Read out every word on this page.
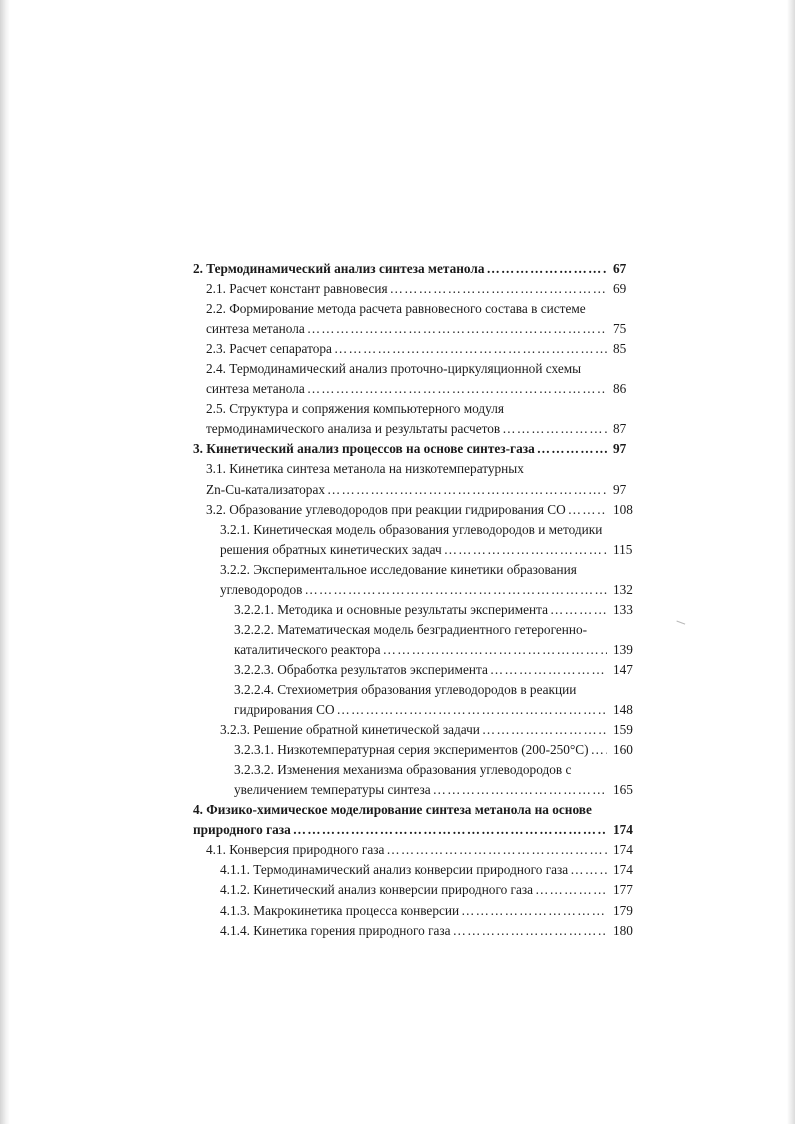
2. Термодинамический анализ синтеза метанола ……………………………………………………………………………………………………………………………………………………	67
2.1. Расчет констант равновесия ……………………………………………………………………………………………………………………………………………………	69
2.2. Формирование метода расчета равновесного состава в системе
синтеза метанола ……………………………………………………………………………………………………………………………………………………	75
2.3. Расчет сепаратора ……………………………………………………………………………………………………………………………………………………	85
2.4. Термодинамический анализ проточно-циркуляционной схемы
синтеза метанола ……………………………………………………………………………………………………………………………………………………	86
2.5. Структура и сопряжения компьютерного модуля
термодинамического анализа и результаты расчетов ……………………………………………………………………………………………………………………………………………………	87
3. Кинетический анализ процессов на основе синтез-газа ……………………………………………………………………………………………………………………………………………………	97
3.1. Кинетика синтеза метанола на низкотемпературных
Zn-Cu-катализаторах ……………………………………………………………………………………………………………………………………………………	97
3.2. Образование углеводородов при реакции гидрирования СО ……………………………………………………………………………………………………………………………………………………	108
3.2.1. Кинетическая модель образования углеводородов и методики
решения обратных кинетических задач ……………………………………………………………………………………………………………………………………………………	115
3.2.2. Экспериментальное исследование кинетики образования
углеводородов ……………………………………………………………………………………………………………………………………………………	132
3.2.2.1. Методика и основные результаты эксперимента ……………………………………………………………………………………………………………………………………………………	133
3.2.2.2. Математическая модель безградиентного гетерогенно-
каталитического реактора ……………………………………………………………………………………………………………………………………………………	139
3.2.2.3. Обработка результатов эксперимента ……………………………………………………………………………………………………………………………………………………	147
3.2.2.4. Стехиометрия образования углеводородов в реакции
гидрирования СО ……………………………………………………………………………………………………………………………………………………	148
3.2.3. Решение обратной кинетической задачи ……………………………………………………………………………………………………………………………………………………	159
3.2.3.1. Низкотемпературная серия экспериментов (200-250°С) ……………………………………………………………………………………………………………………………………………………	160
3.2.3.2. Изменения механизма образования углеводородов с
увеличением температуры синтеза ……………………………………………………………………………………………………………………………………………………	165
4. Физико-химическое моделирование синтеза метанола на основе
природного газа ……………………………………………………………………………………………………………………………………………………	174
4.1. Конверсия природного газа ……………………………………………………………………………………………………………………………………………………	174
4.1.1. Термодинамический анализ конверсии природного газа ……………………………………………………………………………………………………………………………………………………	174
4.1.2. Кинетический анализ конверсии природного газа ……………………………………………………………………………………………………………………………………………………	177
4.1.3. Макрокинетика процесса конверсии ……………………………………………………………………………………………………………………………………………………	179
4.1.4. Кинетика горения природного газа ……………………………………………………………………………………………………………………………………………………	180
